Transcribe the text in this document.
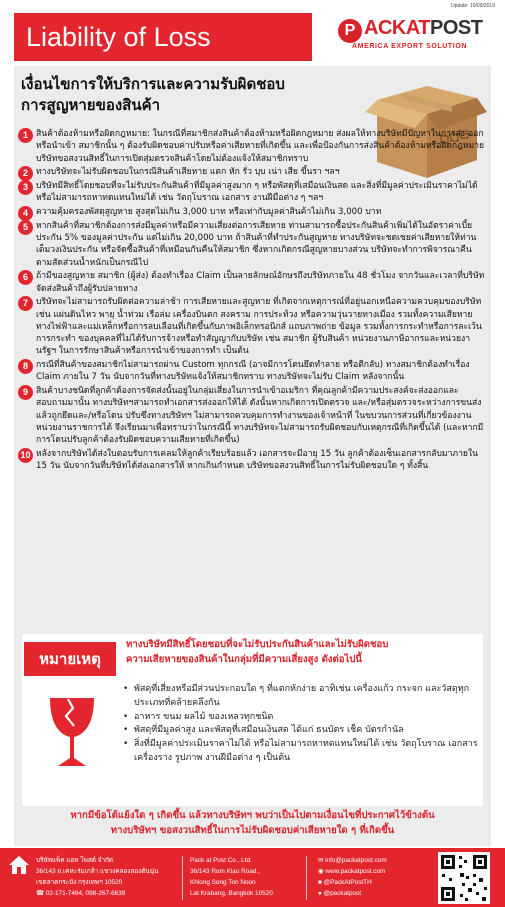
Update: 10/09/2019
Liability of Loss	P ACKATPOST
AMERICA EXPORT SOLUTION
เงื่อนไขการให้บริการและความรับผิดชอบ
การสูญหายของสินค้า
1 สินค้าต้องห้ามหรือผิดกฎหมาย: ในกรณีที่สมาชิกส่งสินค้าต้องห้ามหรือผิดกฎหมาย ส่งผลให้ทางบริษัทมีปัญหาในการส่ง-ออกหรือนำเข้า สมาชิกนั้น ๆ ต้องรับผิดชอบค่าปรับหรือค่าเสียหายที่เกิดขึ้น และเพื่อป้องกันการส่งสินค้าต้องห้ามหรือผิดกฎหมาย บริษัทขอสงวนสิทธิ์ในการเปิดสุ่มตรวจสินค้าโดยไม่ต้องแจ้งให้สมาชิกทราบ
2 ทางบริษัทจะไม่รับผิดชอบในกรณีสินค้าเสียหาย แตก หัก รั่ว บุบ เน่า เสีย ขึ้นรา ฯลฯ
3 บริษัทมีสิทธิ์โดยชอบที่จะไม่รับประกันสินค้าที่มีมูลค่าสูงมาก ๆ หรือพัสดุที่เสมือนเงินสด และสิ่งที่มีมูลค่าประเมินราคาไม่ได้ หรือไม่สามารถหาทดแทนใหม่ได้ เช่น วัตถุโบราณ เอกสาร งานฝีมือต่าง ๆ ฯลฯ
4 ความคุ้มครองพัสดุสูญหาย สูงสุดไม่เกิน 3,000 บาท หรือเท่ากับมูลค่าสินค้าไม่เกิน 3,000 บาท
5 หากสินค้าที่สมาชิกต้องการส่งมีมูลค่าหรือมีความเสี่ยงต่อการเสียหาย ท่านสามารถซื้อประกันสินค้าเพิ่มได้ในอัตราค่าเบี้ยประกัน 5% ของมูลค่าประกัน แต่ไม่เกิน 20,000 บาท ถ้าสินค้าที่ทำประกันสูญหาย ทางบริษัทจะชดเชยค่าเสียหายให้ท่านเต็มวงเงินประกัน หรือจัดซื้อสินค้าที่เหมือนกันคืนให้สมาชิก ซึ่งหากเกิดกรณีสูญหายบางส่วน บริษัทจะทำการพิจารณาคืนตามสัดส่วนน้ำหนักเป็นกรณีไป
6 ถ้ามีของสูญหาย สมาชิก (ผู้ส่ง) ต้องทำเรื่อง Claim เป็นลายลักษณ์อักษรถึงบริษัทภายใน 48 ชั่วโมง จากวันและเวลาที่บริษัทจัดส่งสินค้าถึงผู้รับปลายทาง
7 บริษัทจะไม่สามารถรับผิดต่อความล่าช้า การเสียหายและสูญหาย ที่เกิดจากเหตุการณ์ที่อยู่นอกเหนือความควบคุมของบริษัท เช่น แผ่นดินไหว พายุ น้ำท่วม เรือล่ม เครื่องบินตก สงคราม การประท้วง หรือความวุ่นวายทางเมือง รวมทั้งความเสียหายทางไฟฟ้าและแม่เหล็กหรือการลบเลือนที่เกิดขึ้นกับภาพอิเล็กทรอนิกส์ แถบภาพถ่าย ข้อมูล รวมทั้งการกระทำหรือการละเว้นการกระทำ ของบุคคลที่ไม่ได้รับการจ้างหรือทำสัญญากับบริษัท เช่น สมาชิก ผู้รับสินค้า หน่วยงานภาษีอากรและหน่วยงานรัฐฯ ในการรักษาสินค้าหรือการนำเข้าของการทำ เป็นต้น
8 กรณีที่สินค้าของสมาชิกไม่สามารถผ่าน Custom ทุกกรณี (อาจมีการโดนยึดทำลาย หรือตีกลับ) ทางสมาชิกต้องทำเรื่อง Claim ภายใน 7 วัน นับจากวันที่ทางบริษัทแจ้งให้สมาชิกทราบ ทางบริษัทจะไม่รับ Claim หลังจากนั้น
9 สินค้าบางชนิดที่ลูกค้าต้องการจัดส่งนั้นอยู่ในกลุ่มเสี่ยงในการนำเข้าอเมริกา ที่คุณลูกค้ามีความประสงค์จะส่งออกและสอบถามมานั้น ทางบริษัทฯสามารถทำเอกสารส่งออกให้ได้ ดังนั้นหากเกิดการเปิดตรวจ และ/หรือสุ่มตรวจระหว่างการขนส่ง แล้วถูกยึดและ/หรือโดน ปรับซึ่งทางบริษัทฯ ไม่สามารถควบคุมการทำงานของเจ้าหน้าที่ ในขบวนการส่วนที่เกี่ยวข้องงานหน่วยงานราชการได้ จึงเรียนมาเพื่อทราบว่าในกรณีนี้ ทางบริษัทจะไม่สามารถรับผิดชอบกับเหตุกรณีที่เกิดขึ้นได้ (และหากมีการโดนปรับลูกค้าต้องรับผิดชอบความเสียหายที่เกิดขึ้น)
10 หลังจากบริษัทได้ส่งใบตอบรับการเคลมให้ลูกค้าเรียบร้อยแล้ว เอกสารจะมีอายุ 15 วัน ลูกค้าต้องเซ็นเอกสารกลับมาภายใน 15 วัน นับจากวันที่บริษัทได้ส่งเอกสารให้ หากเกินกำหนด บริษัทขอสงวนสิทธิ์ในการไม่รับผิดชอบใด ๆ ทั้งสิ้น
หมายเหตุ
ทางบริษัทมีสิทธิ์โดยชอบที่จะไม่รับประกันสินค้าและไม่รับผิดชอบ
ความเสียหายของสินค้าในกลุ่มที่มีความเสี่ยงสูง ดังต่อไปนี้
• พัสดุที่เสี่ยงหรือมีส่วนประกอบใด ๆ ที่แตกหักง่าย อาทิเช่น เครื่องแก้ว กระจก และวัสดุทุกประเภทที่คล้ายคลึงกัน
• อาหาร ขนม ผลไม้ ของเหลวทุกชนิด
• พัสดุที่มีมูลค่าสูง และพัสดุที่เสมือนเงินสด ได้แก่ ธนบัตร เช็ค บัตรกำนัล
• สิ่งที่มีมูลค่าประเมินราคาไม่ได้ หรือไม่สามารถหาทดแทนใหม่ได้ เช่น วัตถุโบราณ เอกสาร เครื่องราง รูปภาพ งานฝีมือต่าง ๆ เป็นต้น
หากมีข้อโต้แย้งใด ๆ เกิดขึ้น แล้วทางบริษัทฯ พบว่าเป็นไปตามเงื่อนไขที่ประกาศไว้ข้างต้น
ทางบริษัทฯ ขอสงวนสิทธิ์ในการไม่รับผิดชอบค่าเสียหายใด ๆ ที่เกิดขึ้น
บริษัทแพ็ค แอท โพสต์ จำกัด
36/143 ถ.เคหะร่มเกล้า แขวงคลองสองต้นนุ่น
เขตลาดกระบัง กรุงเทพฯ 10520
☎ 02-171-7464, 098-267-6639
Pack at Post Co., Ltd.
36/143 Rom Klao Road.,
Khlong Song Ton Noon
Lat Krabang, Bangkok 10520
✉ info@packatpost.com
◉ www.packatpost.com
■ @PackAtPostTH
● @packatpost
